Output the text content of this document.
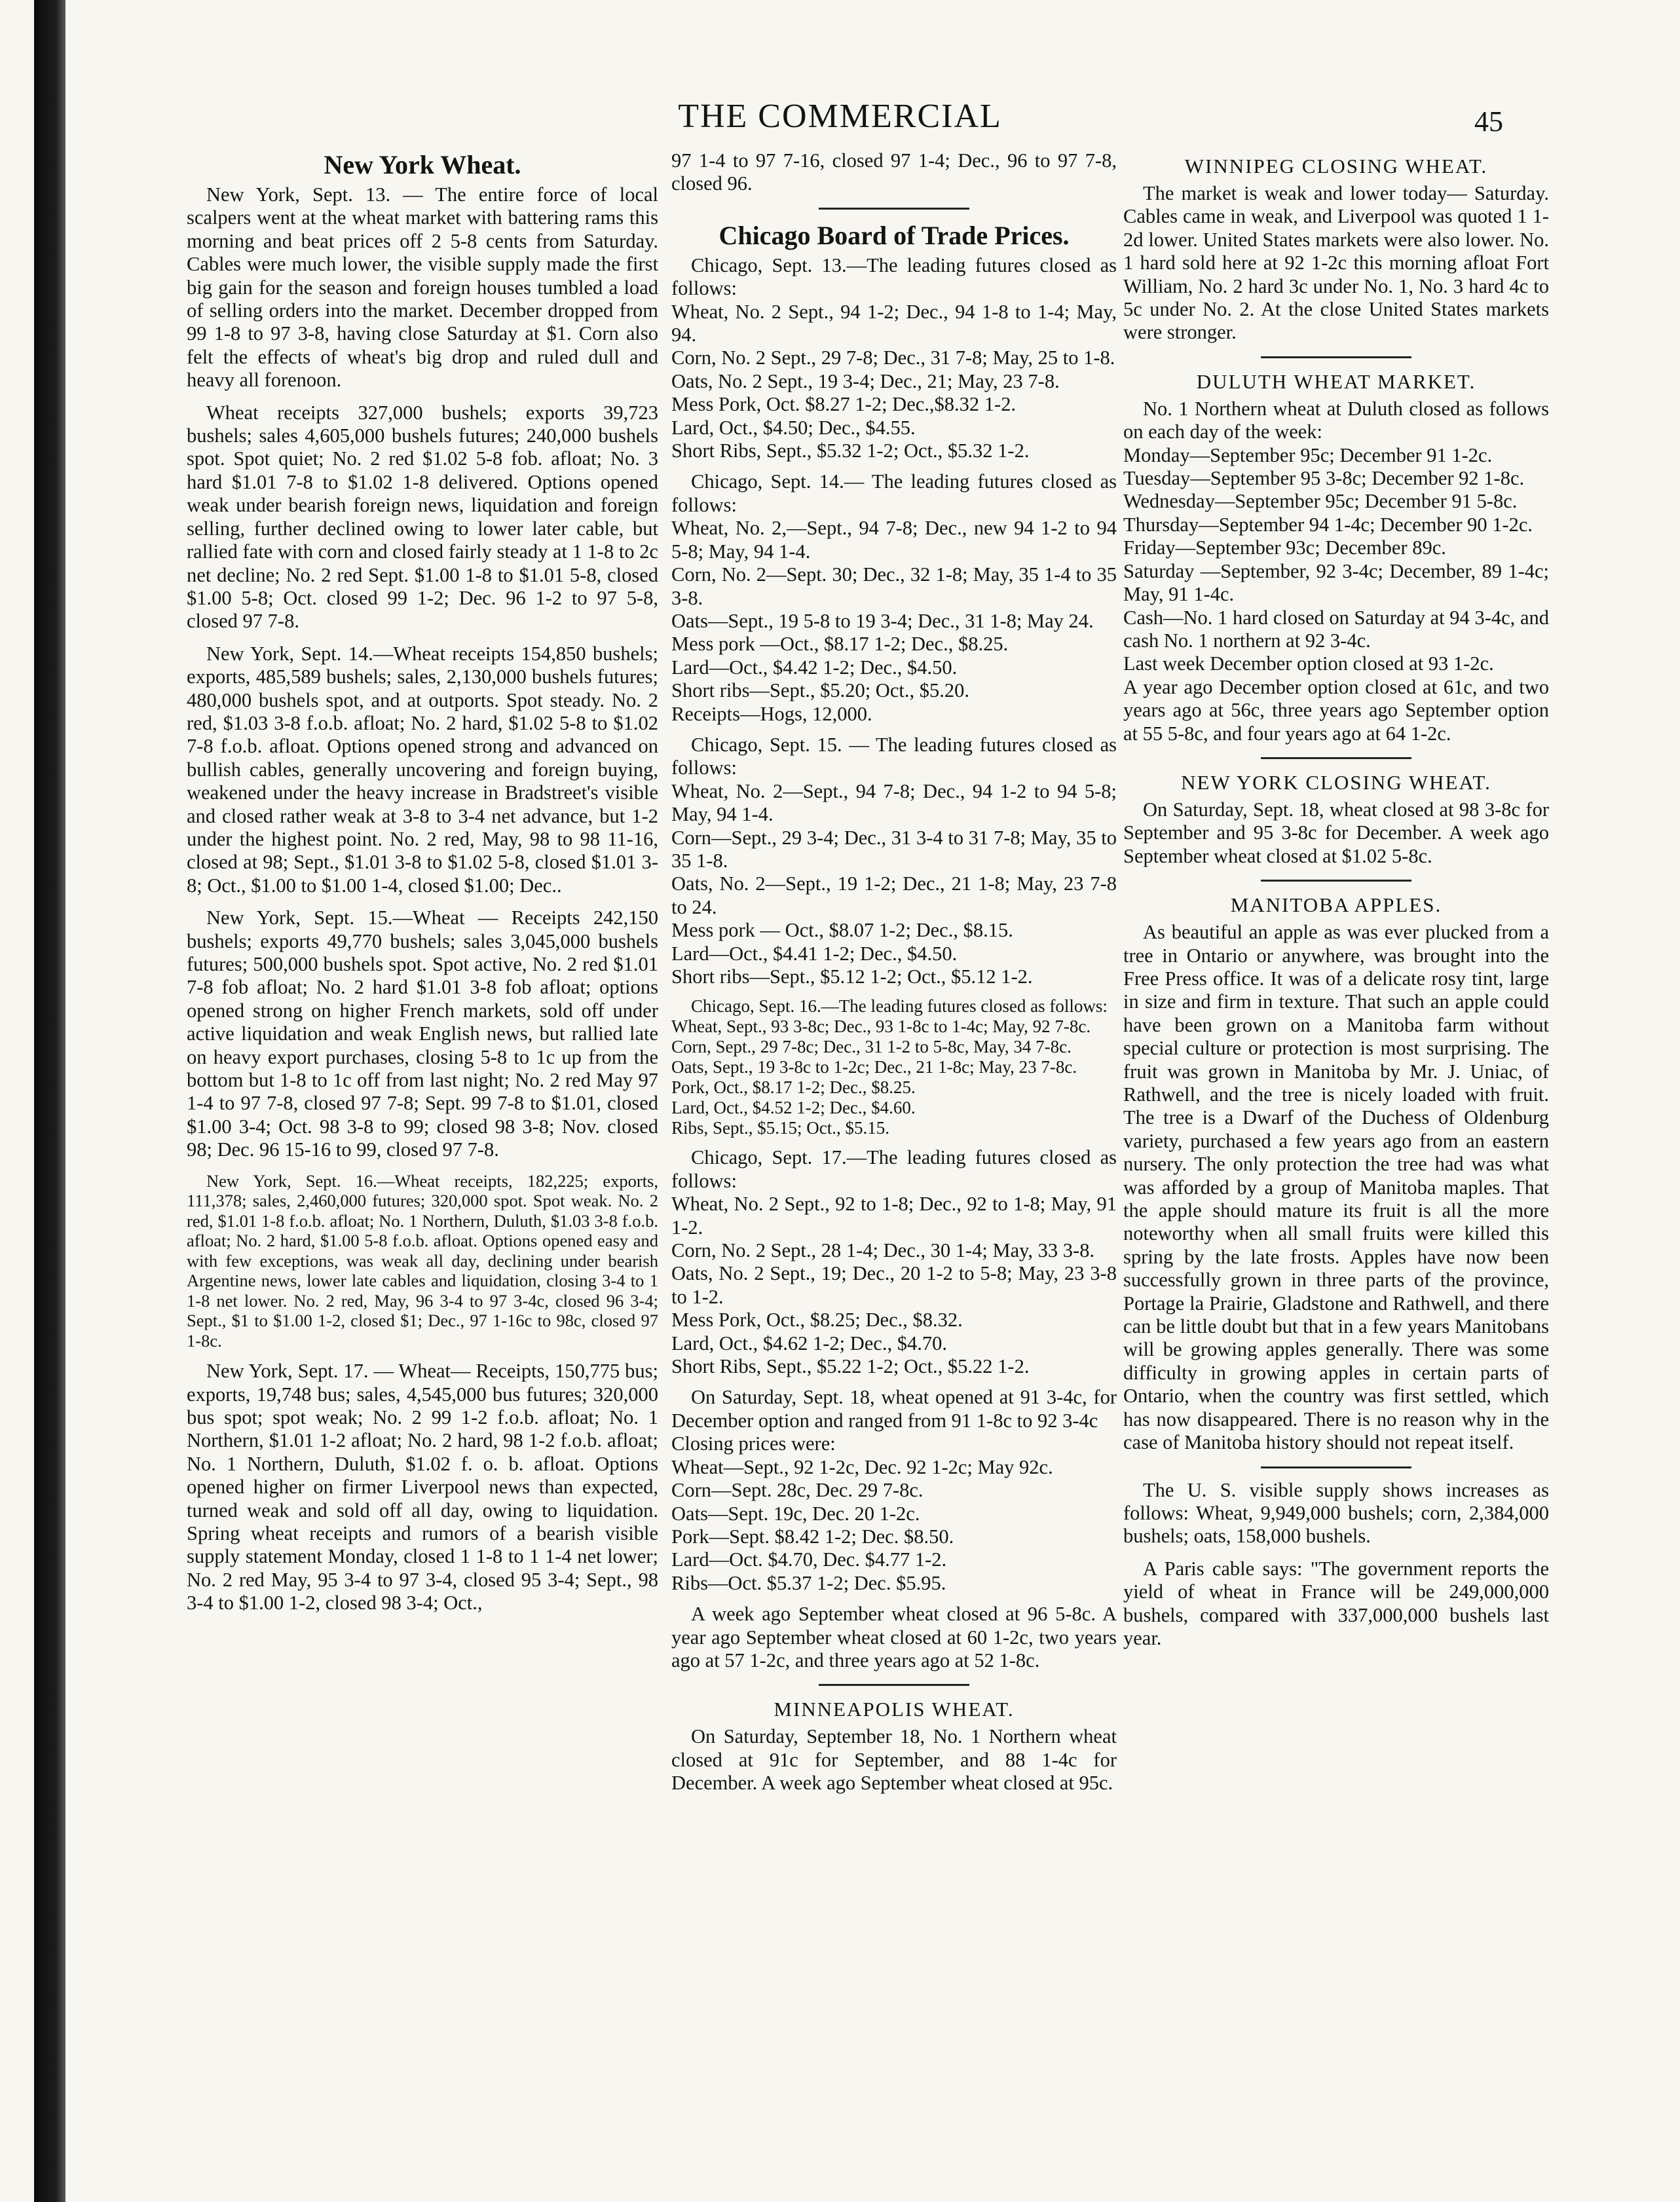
THE COMMERCIAL	45
New York Wheat.

New York, Sept. 13. — The entire force of local scalpers went at the wheat market with battering rams this morning and beat prices off 2 5-8 cents from Saturday. Cables were much lower, the visible supply made the first big gain for the season and foreign houses tumbled a load of selling orders into the market. December dropped from 99 1-8 to 97 3-8, having close Saturday at $1. Corn also felt the effects of wheat's big drop and ruled dull and heavy all forenoon.

Wheat receipts 327,000 bushels; exports 39,723 bushels; sales 4,605,000 bushels futures; 240,000 bushels spot. Spot quiet; No. 2 red $1.02 5-8 fob. afloat; No. 3 hard $1.01 7-8 to $1.02 1-8 delivered. Options opened weak under bearish foreign news, liquidation and foreign selling, further declined owing to lower later cable, but rallied fate with corn and closed fairly steady at 1 1-8 to 2c net decline; No. 2 red Sept. $1.00 1-8 to $1.01 5-8, closed $1.00 5-8; Oct. closed 99 1-2; Dec. 96 1-2 to 97 5-8, closed 97 7-8.

New York, Sept. 14.—Wheat receipts 154,850 bushels; exports, 485,589 bushels; sales, 2,130,000 bushels futures; 480,000 bushels spot, and at outports. Spot steady. No. 2 red, $1.03 3-8 f.o.b. afloat; No. 2 hard, $1.02 5-8 to $1.02 7-8 f.o.b. afloat. Options opened strong and advanced on bullish cables, generally uncovering and foreign buying, weakened under the heavy increase in Bradstreet's visible and closed rather weak at 3-8 to 3-4 net advance, but 1-2 under the highest point. No. 2 red, May, 98 to 98 11-16, closed at 98; Sept., $1.01 3-8 to $1.02 5-8, closed $1.01 3-8; Oct., $1.00 to $1.00 1-4, closed $1.00; Dec..

New York, Sept. 15.—Wheat — Receipts 242,150 bushels; exports 49,770 bushels; sales 3,045,000 bushels futures; 500,000 bushels spot. Spot active, No. 2 red $1.01 7-8 fob afloat; No. 2 hard $1.01 3-8 fob afloat; options opened strong on higher French markets, sold off under active liquidation and weak English news, but rallied late on heavy export purchases, closing 5-8 to 1c up from the bottom but 1-8 to 1c off from last night; No. 2 red May 97 1-4 to 97 7-8, closed 97 7-8; Sept. 99 7-8 to $1.01, closed $1.00 3-4; Oct. 98 3-8 to 99; closed 98 3-8; Nov. closed 98; Dec. 96 15-16 to 99, closed 97 7-8.

New York, Sept. 16.—Wheat receipts, 182,225; exports, 111,378; sales, 2,460,000 futures; 320,000 spot. Spot weak. No. 2 red, $1.01 1-8 f.o.b. afloat; No. 1 Northern, Duluth, $1.03 3-8 f.o.b. afloat; No. 2 hard, $1.00 5-8 f.o.b. afloat. Options opened easy and with few exceptions, was weak all day, declining under bearish Argentine news, lower late cables and liquidation, closing 3-4 to 1 1-8 net lower. No. 2 red, May, 96 3-4 to 97 3-4c, closed 96 3-4; Sept., $1 to $1.00 1-2, closed $1; Dec., 97 1-16c to 98c, closed 97 1-8c.

New York, Sept. 17. — Wheat— Receipts, 150,775 bus; exports, 19,748 bus; sales, 4,545,000 bus futures; 320,000 bus spot; spot weak; No. 2 99 1-2 f.o.b. afloat; No. 1 Northern, $1.01 1-2 afloat; No. 2 hard, 98 1-2 f.o.b. afloat; No. 1 Northern, Duluth, $1.02 f. o. b. afloat. Options opened higher on firmer Liverpool news than expected, turned weak and sold off all day, owing to liquidation. Spring wheat receipts and rumors of a bearish visible supply statement Monday, closed 1 1-8 to 1 1-4 net lower; No. 2 red May, 95 3-4 to 97 3-4, closed 95 3-4; Sept., 98 3-4 to $1.00 1-2, closed 98 3-4; Oct.,

97 1-4 to 97 7-16, closed 97 1-4; Dec., 96 to 97 7-8, closed 96.

Chicago Board of Trade Prices.
Chicago, Sept. 13.—The leading futures closed as follows:
Wheat, No. 2 Sept., 94 1-2; Dec., 94 1-8 to 1-4; May, 94.
Corn, No. 2 Sept., 29 7-8; Dec., 31 7-8; May, 25 to 1-8.
Oats, No. 2 Sept., 19 3-4; Dec., 21; May, 23 7-8.
Mess Pork, Oct. $8.27 1-2; Dec.,$8.32 1-2.
Lard, Oct., $4.50; Dec., $4.55.
Short Ribs, Sept., $5.32 1-2; Oct., $5.32 1-2.
Chicago, Sept. 14.— The leading futures closed as follows:
Wheat, No. 2,—Sept., 94 7-8; Dec., new 94 1-2 to 94 5-8; May, 94 1-4.
Corn, No. 2—Sept. 30; Dec., 32 1-8; May, 35 1-4 to 35 3-8.
Oats—Sept., 19 5-8 to 19 3-4; Dec., 31 1-8; May 24.
Mess pork —Oct., $8.17 1-2; Dec., $8.25.
Lard—Oct., $4.42 1-2; Dec., $4.50.
Short ribs—Sept., $5.20; Oct., $5.20.
Receipts—Hogs, 12,000.
Chicago, Sept. 15. — The leading futures closed as follows:
Wheat, No. 2—Sept., 94 7-8; Dec., 94 1-2 to 94 5-8; May, 94 1-4.
Corn—Sept., 29 3-4; Dec., 31 3-4 to 31 7-8; May, 35 to 35 1-8.
Oats, No. 2—Sept., 19 1-2; Dec., 21 1-8; May, 23 7-8 to 24.
Mess pork — Oct., $8.07 1-2; Dec., $8.15.
Lard—Oct., $4.41 1-2; Dec., $4.50.
Short ribs—Sept., $5.12 1-2; Oct., $5.12 1-2.
Chicago, Sept. 16.—The leading futures closed as follows:
Wheat, Sept., 93 3-8c; Dec., 93 1-8c to 1-4c; May, 92 7-8c.
Corn, Sept., 29 7-8c; Dec., 31 1-2 to 5-8c, May, 34 7-8c.
Oats, Sept., 19 3-8c to 1-2c; Dec., 21 1-8c; May, 23 7-8c.
Pork, Oct., $8.17 1-2; Dec., $8.25.
Lard, Oct., $4.52 1-2; Dec., $4.60.
Ribs, Sept., $5.15; Oct., $5.15.
Chicago, Sept. 17.—The leading futures closed as follows:
Wheat, No. 2 Sept., 92 to 1-8; Dec., 92 to 1-8; May, 91 1-2.
Corn, No. 2 Sept., 28 1-4; Dec., 30 1-4; May, 33 3-8.
Oats, No. 2 Sept., 19; Dec., 20 1-2 to 5-8; May, 23 3-8 to 1-2.
Mess Pork, Oct., $8.25; Dec., $8.32.
Lard, Oct., $4.62 1-2; Dec., $4.70.
Short Ribs, Sept., $5.22 1-2; Oct., $5.22 1-2.
On Saturday, Sept. 18, wheat opened at 91 3-4c, for December option and ranged from 91 1-8c to 92 3-4c
Closing prices were:
Wheat—Sept., 92 1-2c, Dec. 92 1-2c; May 92c.
Corn—Sept. 28c, Dec. 29 7-8c.
Oats—Sept. 19c, Dec. 20 1-2c.
Pork—Sept. $8.42 1-2; Dec. $8.50.
Lard—Oct. $4.70, Dec. $4.77 1-2.
Ribs—Oct. $5.37 1-2; Dec. $5.95.

A week ago September wheat closed at 96 5-8c. A year ago September wheat closed at 60 1-2c, two years ago at 57 1-2c, and three years ago at 52 1-8c.

MINNEAPOLIS WHEAT.

On Saturday, September 18, No. 1 Northern wheat closed at 91c for September, and 88 1-4c for December. A week ago September wheat closed at 95c.

WINNIPEG CLOSING WHEAT.

The market is weak and lower today— Saturday. Cables came in weak, and Liverpool was quoted 1 1-2d lower. United States markets were also lower. No. 1 hard sold here at 92 1-2c this morning afloat Fort William, No. 2 hard 3c under No. 1, No. 3 hard 4c to 5c under No. 2. At the close United States markets were stronger.

DULUTH WHEAT MARKET.
No. 1 Northern wheat at Duluth closed as follows on each day of the week:
Monday—September 95c; December 91 1-2c.
Tuesday—September 95 3-8c; December 92 1-8c.
Wednesday—September 95c; December 91 5-8c.
Thursday—September 94 1-4c; December 90 1-2c.
Friday—September 93c; December 89c.
Saturday —September, 92 3-4c; December, 89 1-4c; May, 91 1-4c.
Cash—No. 1 hard closed on Saturday at 94 3-4c, and cash No. 1 northern at 92 3-4c.
Last week December option closed at 93 1-2c.
A year ago December option closed at 61c, and two years ago at 56c, three years ago September option at 55 5-8c, and four years ago at 64 1-2c.
NEW YORK CLOSING WHEAT.

On Saturday, Sept. 18, wheat closed at 98 3-8c for September and 95 3-8c for December. A week ago September wheat closed at $1.02 5-8c.

MANITOBA APPLES.

As beautiful an apple as was ever plucked from a tree in Ontario or anywhere, was brought into the Free Press office. It was of a delicate rosy tint, large in size and firm in texture. That such an apple could have been grown on a Manitoba farm without special culture or protection is most surprising. The fruit was grown in Manitoba by Mr. J. Uniac, of Rathwell, and the tree is nicely loaded with fruit. The tree is a Dwarf of the Duchess of Oldenburg variety, purchased a few years ago from an eastern nursery. The only protection the tree had was what was afforded by a group of Manitoba maples. That the apple should mature its fruit is all the more noteworthy when all small fruits were killed this spring by the late frosts. Apples have now been successfully grown in three parts of the province, Portage la Prairie, Gladstone and Rathwell, and there can be little doubt but that in a few years Manitobans will be growing apples generally. There was some difficulty in growing apples in certain parts of Ontario, when the country was first settled, which has now disappeared. There is no reason why in the case of Manitoba history should not repeat itself.

The U. S. visible supply shows increases as follows: Wheat, 9,949,000 bushels; corn, 2,384,000 bushels; oats, 158,000 bushels.

A Paris cable says: "The government reports the yield of wheat in France will be 249,000,000 bushels, compared with 337,000,000 bushels last year.
